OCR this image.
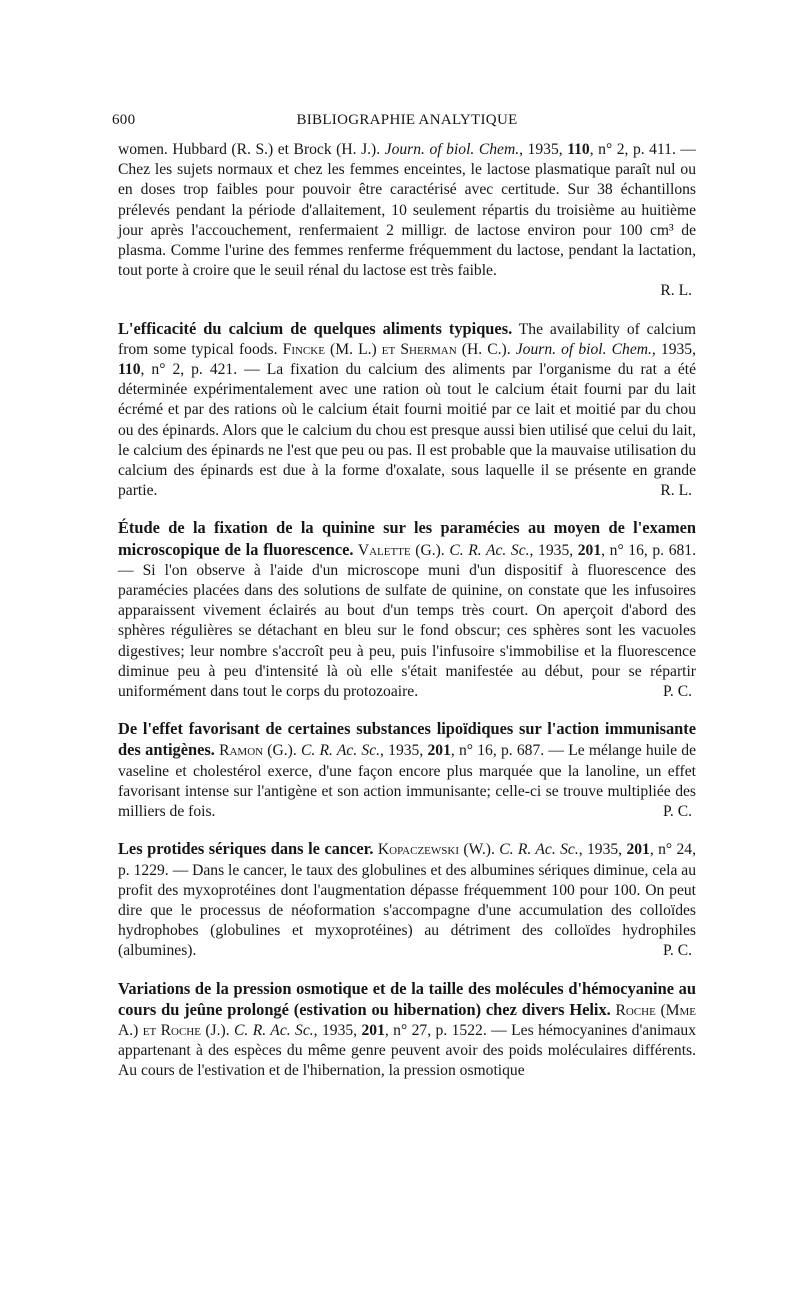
600	BIBLIOGRAPHIE ANALYTIQUE

women. Hubbard (R. S.) et Brock (H. J.). Journ. of biol. Chem., 1935, 110, n° 2, p. 411. — Chez les sujets normaux et chez les femmes enceintes, le lactose plasmatique paraît nul ou en doses trop faibles pour pouvoir être caractérisé avec certitude. Sur 38 échantillons prélevés pendant la période d'allaitement, 10 seulement répartis du troisième au huitième jour après l'accouchement, renfermaient 2 milligr. de lactose environ pour 100 cm³ de plasma. Comme l'urine des femmes renferme fréquemment du lactose, pendant la lactation, tout porte à croire que le seuil rénal du lactose est très faible.
R. L.

L'efficacité du calcium de quelques aliments typiques. The availability of calcium from some typical foods. Fincke (M. L.) et Sherman (H. C.). Journ. of biol. Chem., 1935, 110, n° 2, p. 421. — La fixation du calcium des aliments par l'organisme du rat a été déterminée expérimentalement avec une ration où tout le calcium était fourni par du lait écrémé et par des rations où le calcium était fourni moitié par ce lait et moitié par du chou ou des épinards. Alors que le calcium du chou est presque aussi bien utilisé que celui du lait, le calcium des épinards ne l'est que peu ou pas. Il est probable que la mauvaise utilisation du calcium des épinards est due à la forme d'oxalate, sous laquelle il se présente en grande partie.	R. L.

Étude de la fixation de la quinine sur les paramécies au moyen de l'examen microscopique de la fluorescence. Valette (G.). C. R. Ac. Sc., 1935, 201, n° 16, p. 681. — Si l'on observe à l'aide d'un microscope muni d'un dispositif à fluorescence des paramécies placées dans des solutions de sulfate de quinine, on constate que les infusoires apparaissent vivement éclairés au bout d'un temps très court. On aperçoit d'abord des sphères régulières se détachant en bleu sur le fond obscur; ces sphères sont les vacuoles digestives; leur nombre s'accroît peu à peu, puis l'infusoire s'immobilise et la fluorescence diminue peu à peu d'intensité là où elle s'était manifestée au début, pour se répartir uniformément dans tout le corps du protozoaire.	P. C.

De l'effet favorisant de certaines substances lipoïdiques sur l'action immunisante des antigènes. Ramon (G.). C. R. Ac. Sc., 1935, 201, n° 16, p. 687. — Le mélange huile de vaseline et cholestérol exerce, d'une façon encore plus marquée que la lanoline, un effet favorisant intense sur l'antigène et son action immunisante; celle-ci se trouve multipliée des milliers de fois.	P. C.

Les protides sériques dans le cancer. Kopaczewski (W.). C. R. Ac. Sc., 1935, 201, n° 24, p. 1229. — Dans le cancer, le taux des globulines et des albumines sériques diminue, cela au profit des myxoprotéines dont l'augmentation dépasse fréquemment 100 pour 100. On peut dire que le processus de néoformation s'accompagne d'une accumulation des colloïdes hydrophobes (globulines et myxoprotéines) au détriment des colloïdes hydrophiles (albumines).	P. C.

Variations de la pression osmotique et de la taille des molécules d'hémocyanine au cours du jeûne prolongé (estivation ou hibernation) chez divers Helix. Roche (Mme A.) et Roche (J.). C. R. Ac. Sc., 1935, 201, n° 27, p. 1522. — Les hémocyanines d'animaux appartenant à des espèces du même genre peuvent avoir des poids moléculaires différents. Au cours de l'estivation et de l'hibernation, la pression osmotique
